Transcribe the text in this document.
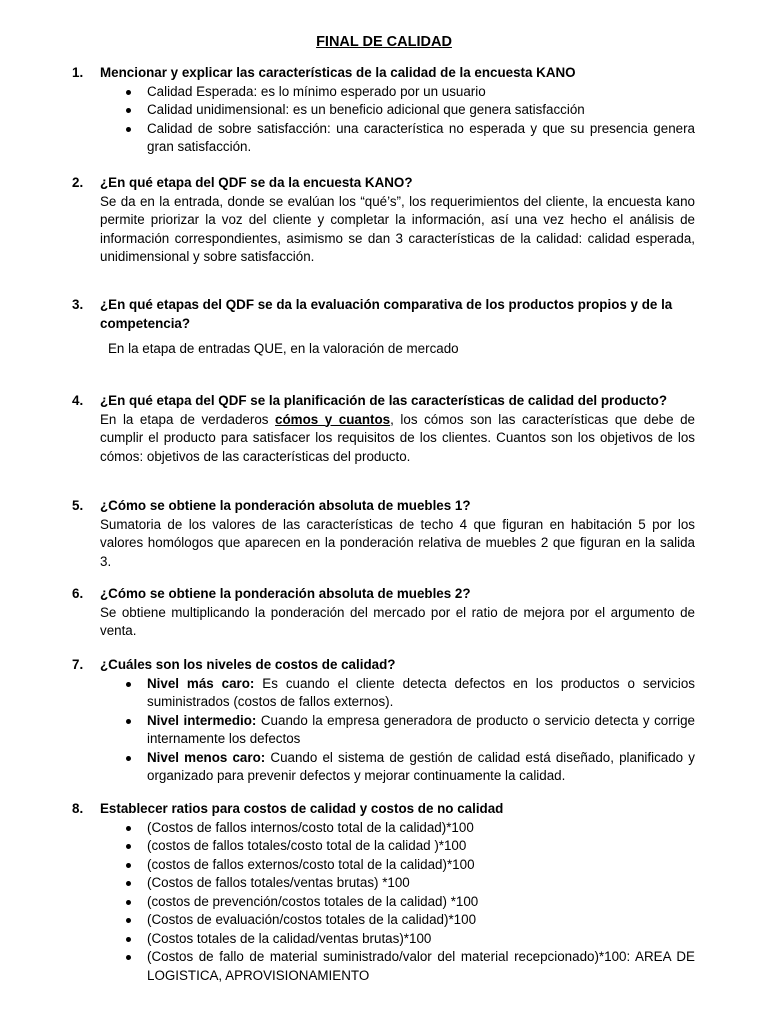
FINAL DE CALIDAD
1. Mencionar y explicar las características de la calidad de la encuesta KANO
Calidad Esperada: es lo mínimo esperado por un usuario
Calidad unidimensional: es un beneficio adicional que genera satisfacción
Calidad de sobre satisfacción: una característica no esperada y que su presencia genera gran satisfacción.
2. ¿En qué etapa del QDF se da la encuesta KANO?
Se da en la entrada, donde se evalúan los “qué’s”, los requerimientos del cliente, la encuesta kano permite priorizar la voz del cliente y completar la información, así una vez hecho el análisis de información correspondientes, asimismo se dan 3 características de la calidad: calidad esperada, unidimensional y sobre satisfacción.
3. ¿En qué etapas del QDF se da la evaluación comparativa de los productos propios y de la competencia?
En la etapa de entradas QUE, en la valoración de mercado
4. ¿En qué etapa del QDF se la planificación de las características de calidad del producto?
En la etapa de verdaderos cómos y cuantos, los cómos son las características que debe de cumplir el producto para satisfacer los requisitos de los clientes. Cuantos son los objetivos de los cómos: objetivos de las características del producto.
5. ¿Cómo se obtiene la ponderación absoluta de muebles 1?
Sumatoria de los valores de las características de techo 4 que figuran en habitación 5 por los valores homólogos que aparecen en la ponderación relativa de muebles 2 que figuran en la salida 3.
6. ¿Cómo se obtiene la ponderación absoluta de muebles 2?
Se obtiene multiplicando la ponderación del mercado por el ratio de mejora por el argumento de venta.
7. ¿Cuáles son los niveles de costos de calidad?
Nivel más caro: Es cuando el cliente detecta defectos en los productos o servicios suministrados (costos de fallos externos).
Nivel intermedio: Cuando la empresa generadora de producto o servicio detecta y corrige internamente los defectos
Nivel menos caro: Cuando el sistema de gestión de calidad está diseñado, planificado y organizado para prevenir defectos y mejorar continuamente la calidad.
8. Establecer ratios para costos de calidad y costos de no calidad
(Costos de fallos internos/costo total de la calidad)*100
(costos de fallos totales/costo total de la calidad )*100
(costos de fallos externos/costo total de la calidad)*100
(Costos de fallos totales/ventas brutas) *100
(costos de prevención/costos totales de la calidad) *100
(Costos de evaluación/costos totales de la calidad)*100
(Costos totales de la calidad/ventas brutas)*100
(Costos de fallo de material suministrado/valor del material recepcionado)*100: AREA DE LOGISTICA, APROVISIONAMIENTO
